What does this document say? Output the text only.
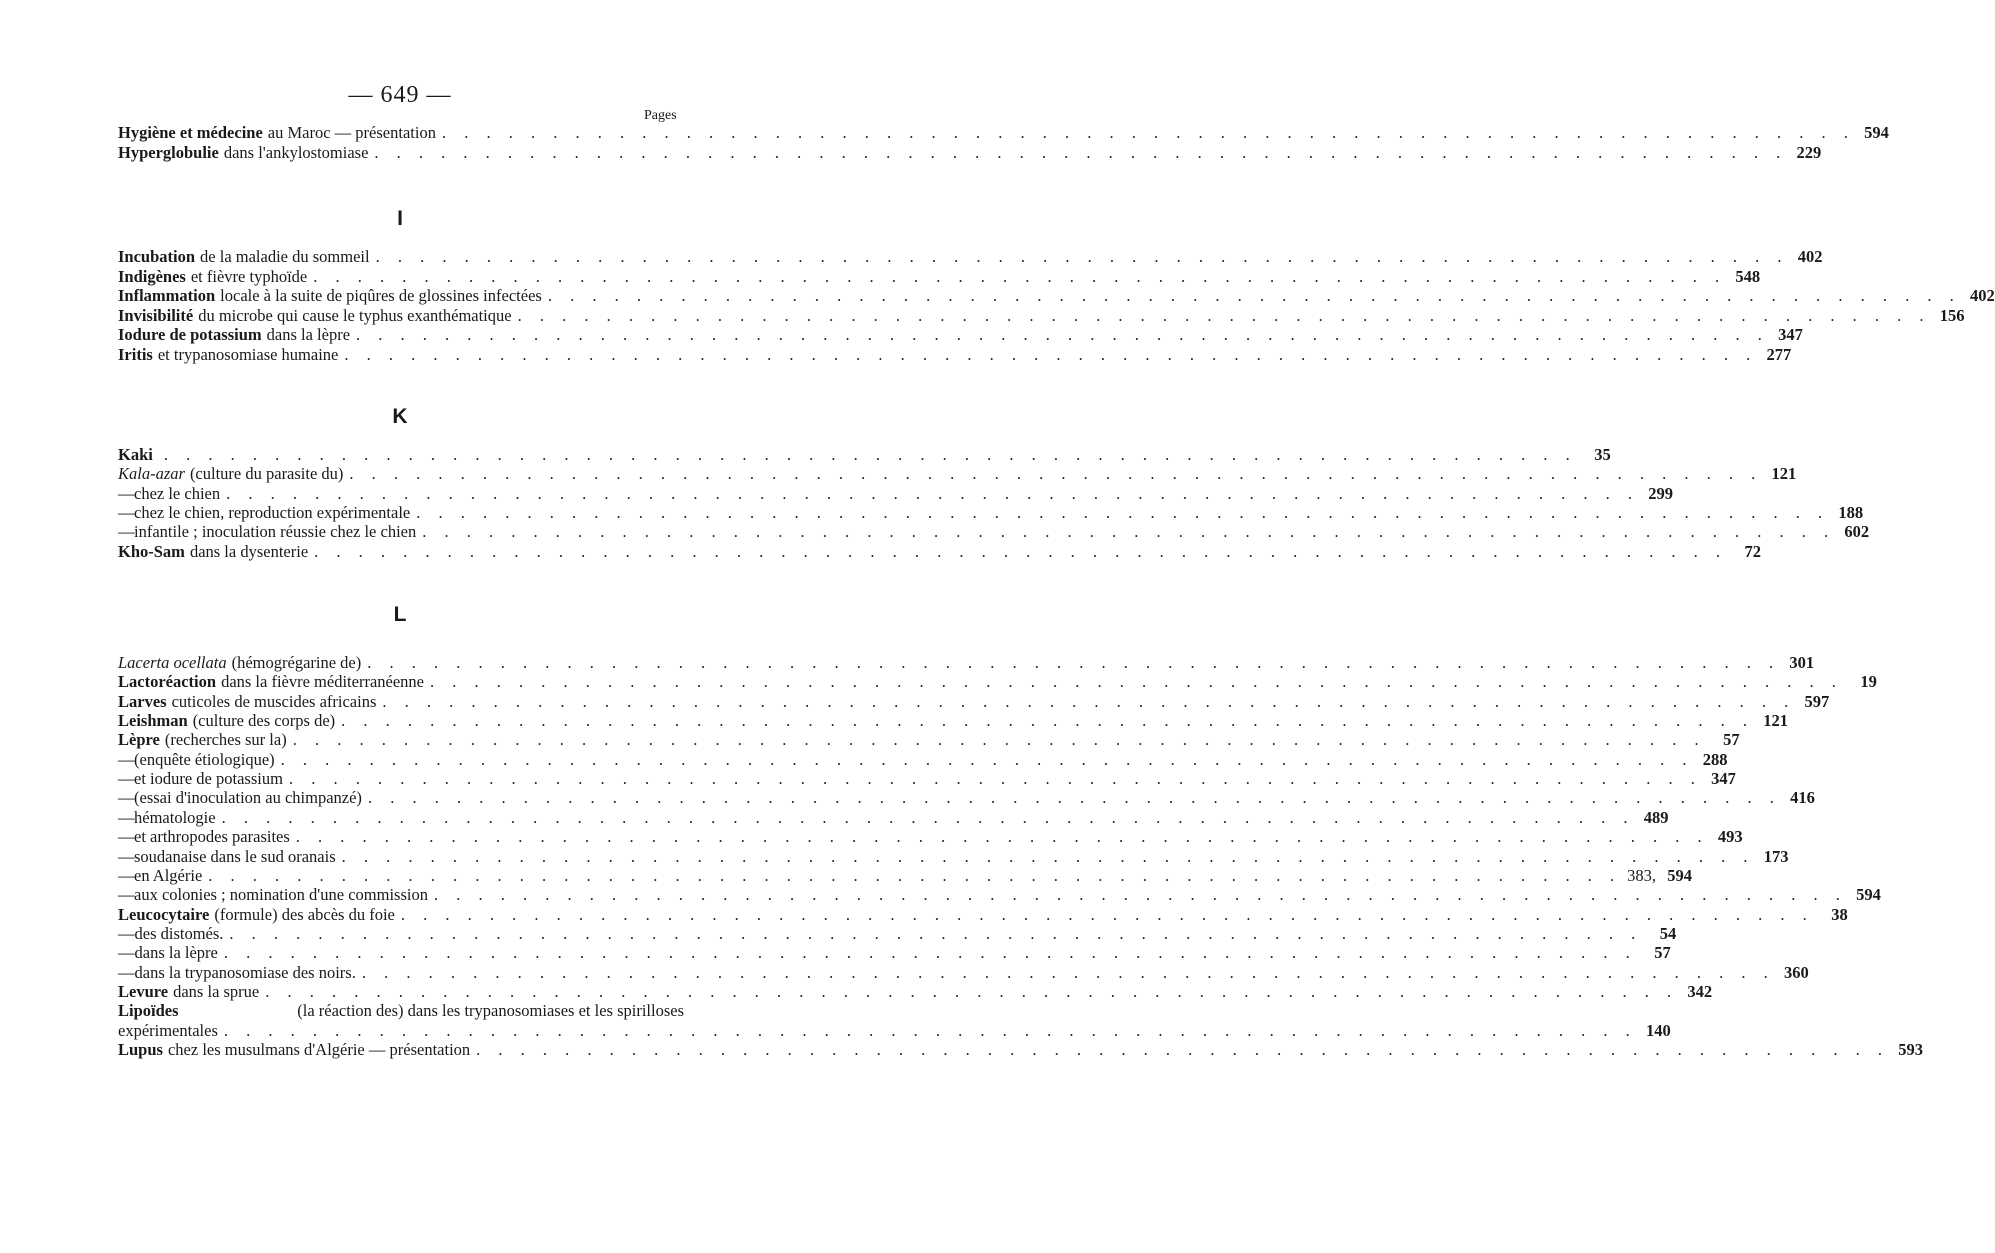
— 649 —
Pages
Hygiène et médecine au Maroc — présentation . . . . . . . . . . . . . . . . . . . . . . . . . . . . . . . . . . . . . . . . . . . . . . . . . . . . . . . . . . . . . . . . 594
Hyperglobulie dans l'ankylostomiase . . . . . . . . . . . . . . . . . . . . . . . . . . . . . . . . . . . . . . . . . . . . . . . . . . . . . . . . . . . . . . . . 229
I
Incubation de la maladie du sommeil . . . . . . . . . . . . . . . . . . . . . . . . . . . . . . . . . . . . . . . . . . . . . . . . . . . . . . . . . . . . . . . . 402
Indigènes et fièvre typhoïde . . . . . . . . . . . . . . . . . . . . . . . . . . . . . . . . . . . . . . . . . . . . . . . . . . . . . . . . . . . . . . . . 548
Inflammation locale à la suite de piqûres de glossines infectées . . . . . . . . . . . . . . . . . . . . . . . . . . . . . . . . . . . . . . . . . . . . . . . . . . . . . . . . . . . . . . . . 402
Invisibilité du microbe qui cause le typhus exanthématique . . . . . . . . . . . . . . . . . . . . . . . . . . . . . . . . . . . . . . . . . . . . . . . . . . . . . . . . . . . . . . . . 156
Iodure de potassium dans la lèpre . . . . . . . . . . . . . . . . . . . . . . . . . . . . . . . . . . . . . . . . . . . . . . . . . . . . . . . . . . . . . . . . 347
Iritis et trypanosomiase humaine . . . . . . . . . . . . . . . . . . . . . . . . . . . . . . . . . . . . . . . . . . . . . . . . . . . . . . . . . . . . . . . . 277
K
Kaki . . . . . . . . . . . . . . . . . . . . . . . . . . . . . . . . . . . . . . . . . . . . . . . . . . . . . . . . . . . . . . . .	35
Kala-azar (culture du parasite du) . . . . . . . . . . . . . . . . . . . . . . . . . . . . . . . . . . . . . . . . . . . . . . . . . . . . . . . . . . . . . . . . 121
— chez le chien . . . . . . . . . . . . . . . . . . . . . . . . . . . . . . . . . . . . . . . . . . . . . . . . . . . . . . . . . . . . . . . . 299
— chez le chien, reproduction expérimentale . . . . . . . . . . . . . . . . . . . . . . . . . . . . . . . . . . . . . . . . . . . . . . . . . . . . . . . . . . . . . . . . 188
— infantile ; inoculation réussie chez le chien . . . . . . . . . . . . . . . . . . . . . . . . . . . . . . . . . . . . . . . . . . . . . . . . . . . . . . . . . . . . . . . . 602
Kho-Sam dans la dysenterie . . . . . . . . . . . . . . . . . . . . . . . . . . . . . . . . . . . . . . . . . . . . . . . . . . . . . . . . . . . . . . . .	72
L
Lacerta ocellata (hémogrégarine de) . . . . . . . . . . . . . . . . . . . . . . . . . . . . . . . . . . . . . . . . . . . . . . . . . . . . . . . . . . . . . . . . 301
Lactoréaction dans la fièvre méditerranéenne . . . . . . . . . . . . . . . . . . . . . . . . . . . . . . . . . . . . . . . . . . . . . . . . . . . . . . . . . . . . . . . .	19
Larves cuticoles de muscides africains . . . . . . . . . . . . . . . . . . . . . . . . . . . . . . . . . . . . . . . . . . . . . . . . . . . . . . . . . . . . . . . . 597
Leishman (culture des corps de) . . . . . . . . . . . . . . . . . . . . . . . . . . . . . . . . . . . . . . . . . . . . . . . . . . . . . . . . . . . . . . . . 121
Lèpre (recherches sur la) . . . . . . . . . . . . . . . . . . . . . . . . . . . . . . . . . . . . . . . . . . . . . . . . . . . . . . . . . . . . . . . .	57
— (enquête étiologique) . . . . . . . . . . . . . . . . . . . . . . . . . . . . . . . . . . . . . . . . . . . . . . . . . . . . . . . . . . . . . . . . 288
— et iodure de potassium . . . . . . . . . . . . . . . . . . . . . . . . . . . . . . . . . . . . . . . . . . . . . . . . . . . . . . . . . . . . . . . . 347
— (essai d'inoculation au chimpanzé) . . . . . . . . . . . . . . . . . . . . . . . . . . . . . . . . . . . . . . . . . . . . . . . . . . . . . . . . . . . . . . . . 416
— hématologie . . . . . . . . . . . . . . . . . . . . . . . . . . . . . . . . . . . . . . . . . . . . . . . . . . . . . . . . . . . . . . . . 489
— et arthropodes parasites . . . . . . . . . . . . . . . . . . . . . . . . . . . . . . . . . . . . . . . . . . . . . . . . . . . . . . . . . . . . . . . . 493
— soudanaise dans le sud oranais . . . . . . . . . . . . . . . . . . . . . . . . . . . . . . . . . . . . . . . . . . . . . . . . . . . . . . . . . . . . . . . . 173
— en Algérie . . . . . . . . . . . . . . . . . . . . . . . . . . . . . . . . . . . . . . . . . . . . . . . . . . . . . . . . . . . . . . . . 383, 594
— aux colonies ; nomination d'une commission . . . . . . . . . . . . . . . . . . . . . . . . . . . . . . . . . . . . . . . . . . . . . . . . . . . . . . . . . . . . . . . . 594
Leucocytaire (formule) des abcès du foie . . . . . . . . . . . . . . . . . . . . . . . . . . . . . . . . . . . . . . . . . . . . . . . . . . . . . . . . . . . . . . . .	38
— des distomés. . . . . . . . . . . . . . . . . . . . . . . . . . . . . . . . . . . . . . . . . . . . . . . . . . . . . . . . . . . . . . . . .	54
— dans la lèpre . . . . . . . . . . . . . . . . . . . . . . . . . . . . . . . . . . . . . . . . . . . . . . . . . . . . . . . . . . . . . . . .	57
— dans la trypanosomiase des noirs. . . . . . . . . . . . . . . . . . . . . . . . . . . . . . . . . . . . . . . . . . . . . . . . . . . . . . . . . . . . . . . . . 360
Levure dans la sprue . . . . . . . . . . . . . . . . . . . . . . . . . . . . . . . . . . . . . . . . . . . . . . . . . . . . . . . . . . . . . . . . 342
Lipoïdes	(la réaction des) dans les trypanosomiases et les spirilloses
expérimentales . . . . . . . . . . . . . . . . . . . . . . . . . . . . . . . . . . . . . . . . . . . . . . . . . . . . . . . . . . . . . . . . 140
Lupus chez les musulmans d'Algérie — présentation . . . . . . . . . . . . . . . . . . . . . . . . . . . . . . . . . . . . . . . . . . . . . . . . . . . . . . . . . . . . . . . . 593
